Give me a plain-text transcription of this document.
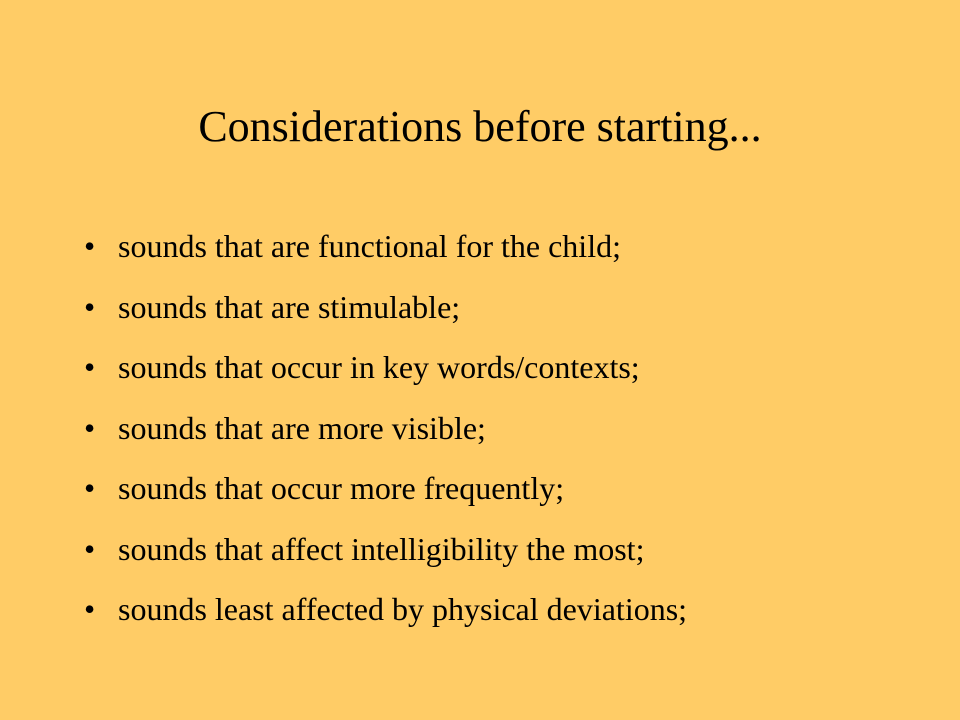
Considerations before starting...
• sounds that are functional for the child;
• sounds that are stimulable;
• sounds that occur in key words/contexts;
• sounds that are more visible;
• sounds that occur more frequently;
• sounds that affect intelligibility the most;
• sounds least affected by physical deviations;
